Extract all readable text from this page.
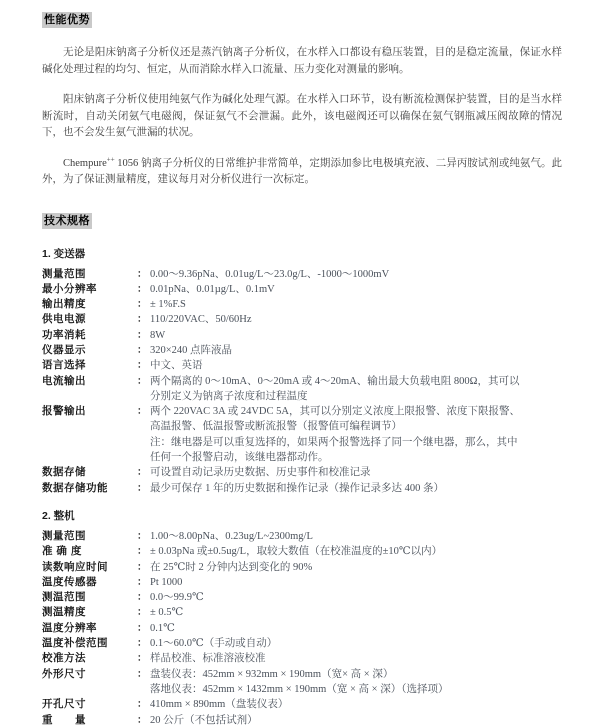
性能优势

无论是阳床钠离子分析仪还是蒸汽钠离子分析仪，在水样入口都设有稳压装置，目的是稳定流量，保证水样碱化处理过程的均匀、恒定，从而消除水样入口流量、压力变化对测量的影响。

阳床钠离子分析仪使用纯氨气作为碱化处理气源。在水样入口环节，设有断流检测保护装置，目的是当水样断流时，自动关闭氨气电磁阀，保证氨气不会泄漏。此外，该电磁阀还可以确保在氨气钢瓶减压阀故障的情况下，也不会发生氨气泄漏的状况。

Chempure++ 1056 钠离子分析仪的日常维护非常简单，定期添加参比电极填充液、二异丙胺试剂或纯氨气。此外，为了保证测量精度，建议每月对分析仪进行一次标定。

技术规格
1. 变送器
测量范围	： 0.00～9.36pNa、0.01ug/L～23.0g/L、-1000～1000mV
最小分辨率	： 0.01pNa、0.01µg/L、0.1mV
输出精度	： ± 1%F.S
供电电源	： 110/220VAC、50/60Hz
功率消耗	： 8W
仪器显示	： 320×240 点阵液晶
语言选择	： 中文、英语
电流输出	： 两个隔离的 0～10mA、0～20mA 或 4～20mA、输出最大负载电阻 800Ω，其可以
分别定义为钠离子浓度和过程温度
报警输出	： 两个 220VAC 3A 或 24VDC 5A，其可以分别定义浓度上限报警、浓度下限报警、
高温报警、低温报警或断流报警（报警值可编程调节）
注：继电器是可以重复选择的，如果两个报警选择了同一个继电器，那么，其中
任何一个报警启动，该继电器都动作。
数据存储	： 可设置自动记录历史数据、历史事件和校准记录
数据存储功能	： 最少可保存 1 年的历史数据和操作记录（操作记录多达 400 条）
2. 整机
测量范围	： 1.00～8.00pNa、0.23ug/L~2300mg/L
准 确 度	： ± 0.03pNa 或±0.5ug/L，取较大数值（在校准温度的±10℃以内）
读数响应时间	： 在 25℃时 2 分钟内达到变化的 90%
温度传感器	： Pt 1000
测温范围	： 0.0～99.9℃
测温精度	： ± 0.5℃
温度分辨率	： 0.1℃
温度补偿范围	： 0.1～60.0℃（手动或自动）
校准方法	： 样品校准、标准溶液校准
外形尺寸	： 盘装仪表：452mm × 932mm × 190mm（宽× 高 × 深）
落地仪表：452mm × 1432mm × 190mm（宽 × 高 × 深）（选择项）
开孔尺寸	： 410mm × 890mm（盘装仪表）
重　　量	： 20 公斤（不包括试剂）
